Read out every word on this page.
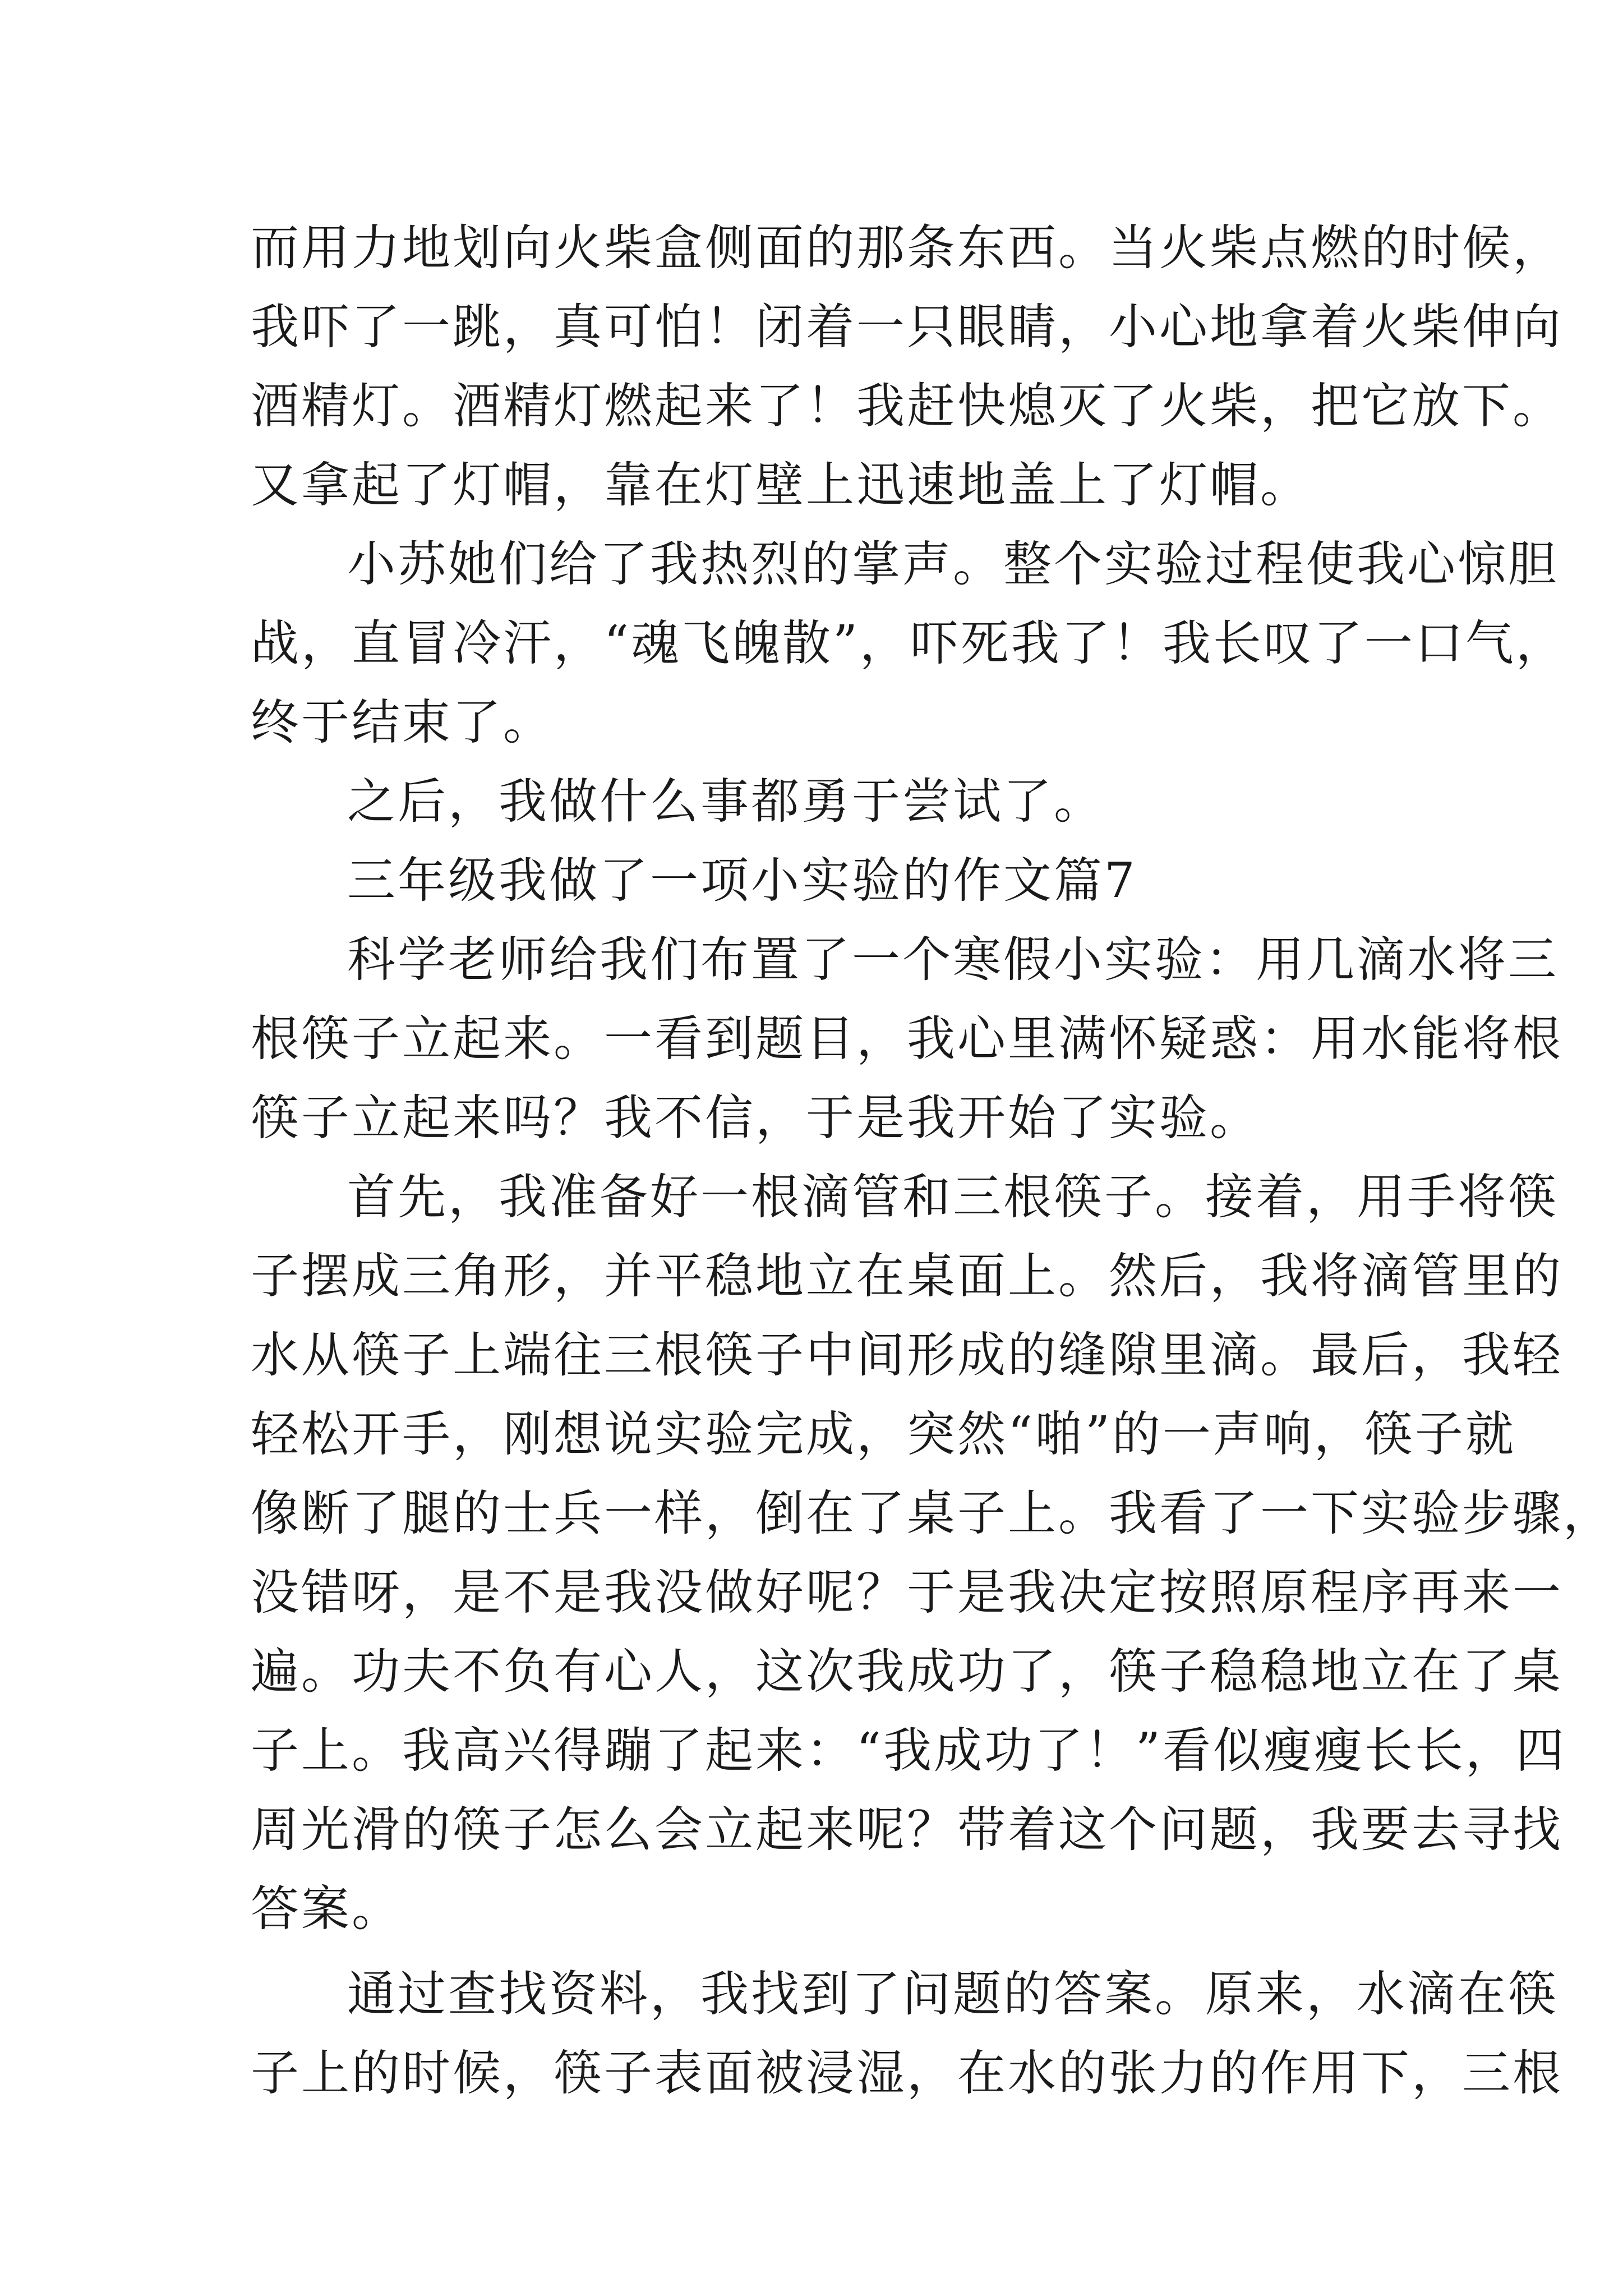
而用力地划向火柴盒侧面的那条东西。当火柴点燃的时候，
我吓了一跳，真可怕！闭着一只眼睛，小心地拿着火柴伸向
酒精灯。酒精灯燃起来了！我赶快熄灭了火柴，把它放下。
又拿起了灯帽，靠在灯壁上迅速地盖上了灯帽。
小苏她们给了我热烈的掌声。整个实验过程使我心惊胆
战，直冒冷汗，“魂飞魄散”，吓死我了！我长叹了一口气，
终于结束了。
之后，我做什么事都勇于尝试了。
三年级我做了一项小实验的作文篇7
科学老师给我们布置了一个寒假小实验：用几滴水将三
根筷子立起来。一看到题目，我心里满怀疑惑：用水能将根
筷子立起来吗？我不信，于是我开始了实验。
首先，我准备好一根滴管和三根筷子。接着，用手将筷
子摆成三角形，并平稳地立在桌面上。然后，我将滴管里的
水从筷子上端往三根筷子中间形成的缝隙里滴。最后，我轻
轻松开手，刚想说实验完成，突然“啪”的一声响，筷子就
像断了腿的士兵一样，倒在了桌子上。我看了一下实验步骤，
没错呀，是不是我没做好呢？于是我决定按照原程序再来一
遍。功夫不负有心人，这次我成功了，筷子稳稳地立在了桌
子上。我高兴得蹦了起来：“我成功了！”看似瘦瘦长长，四
周光滑的筷子怎么会立起来呢？带着这个问题，我要去寻找
答案。
通过查找资料，我找到了问题的答案。原来，水滴在筷
子上的时候，筷子表面被浸湿，在水的张力的作用下，三根
